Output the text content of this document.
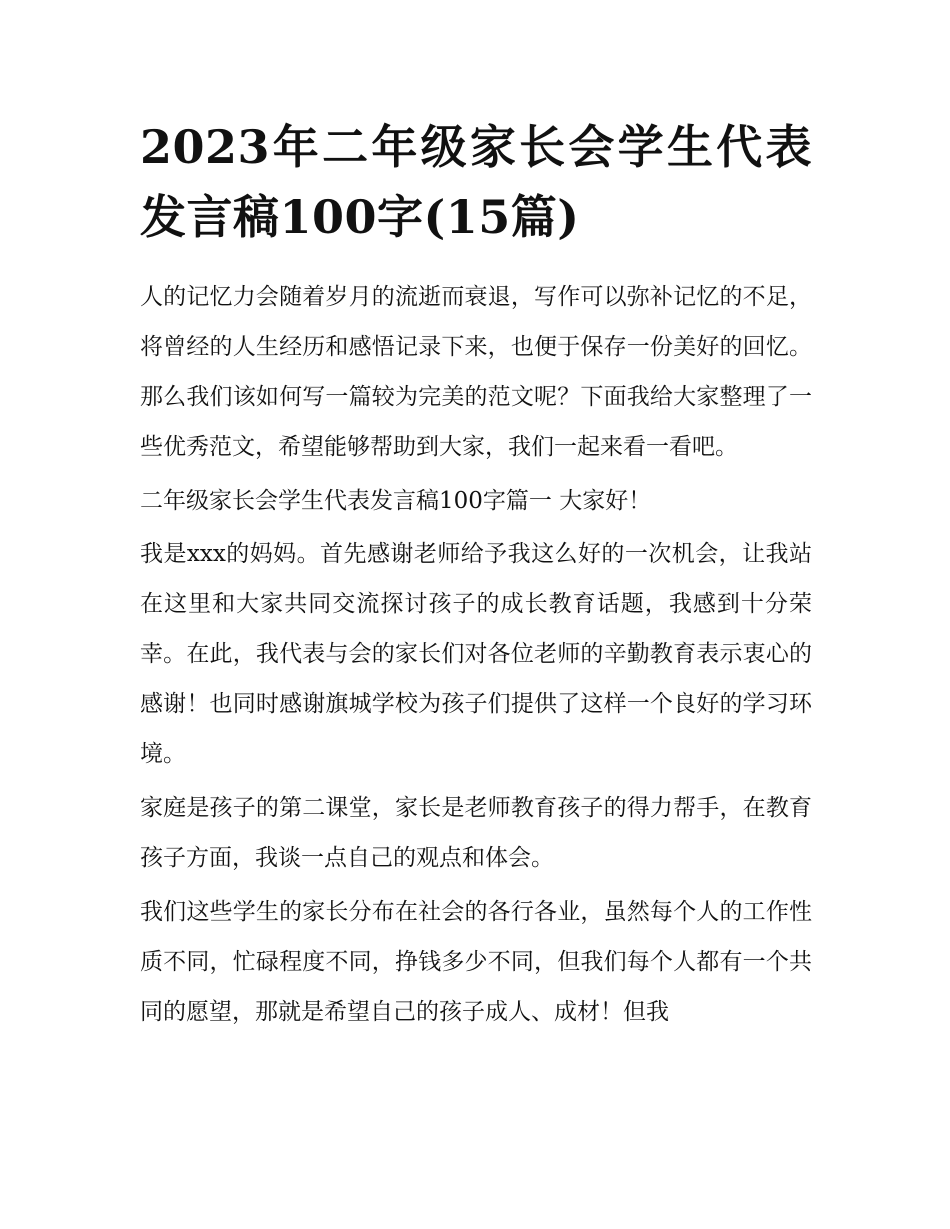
2023年二年级家长会学生代表发言稿100字(15篇)

人的记忆力会随着岁月的流逝而衰退，写作可以弥补记忆的不足，将曾经的人生经历和感悟记录下来，也便于保存一份美好的回忆。那么我们该如何写一篇较为完美的范文呢？下面我给大家整理了一些优秀范文，希望能够帮助到大家，我们一起来看一看吧。

二年级家长会学生代表发言稿100字篇一 大家好！

我是xxx的妈妈。首先感谢老师给予我这么好的一次机会，让我站在这里和大家共同交流探讨孩子的成长教育话题，我感到十分荣幸。在此，我代表与会的家长们对各位老师的辛勤教育表示衷心的感谢！也同时感谢旗城学校为孩子们提供了这样一个良好的学习环境。

家庭是孩子的第二课堂，家长是老师教育孩子的得力帮手，在教育孩子方面，我谈一点自己的观点和体会。

我们这些学生的家长分布在社会的各行各业，虽然每个人的工作性质不同，忙碌程度不同，挣钱多少不同，但我们每个人都有一个共同的愿望，那就是希望自己的孩子成人、成材！但我
